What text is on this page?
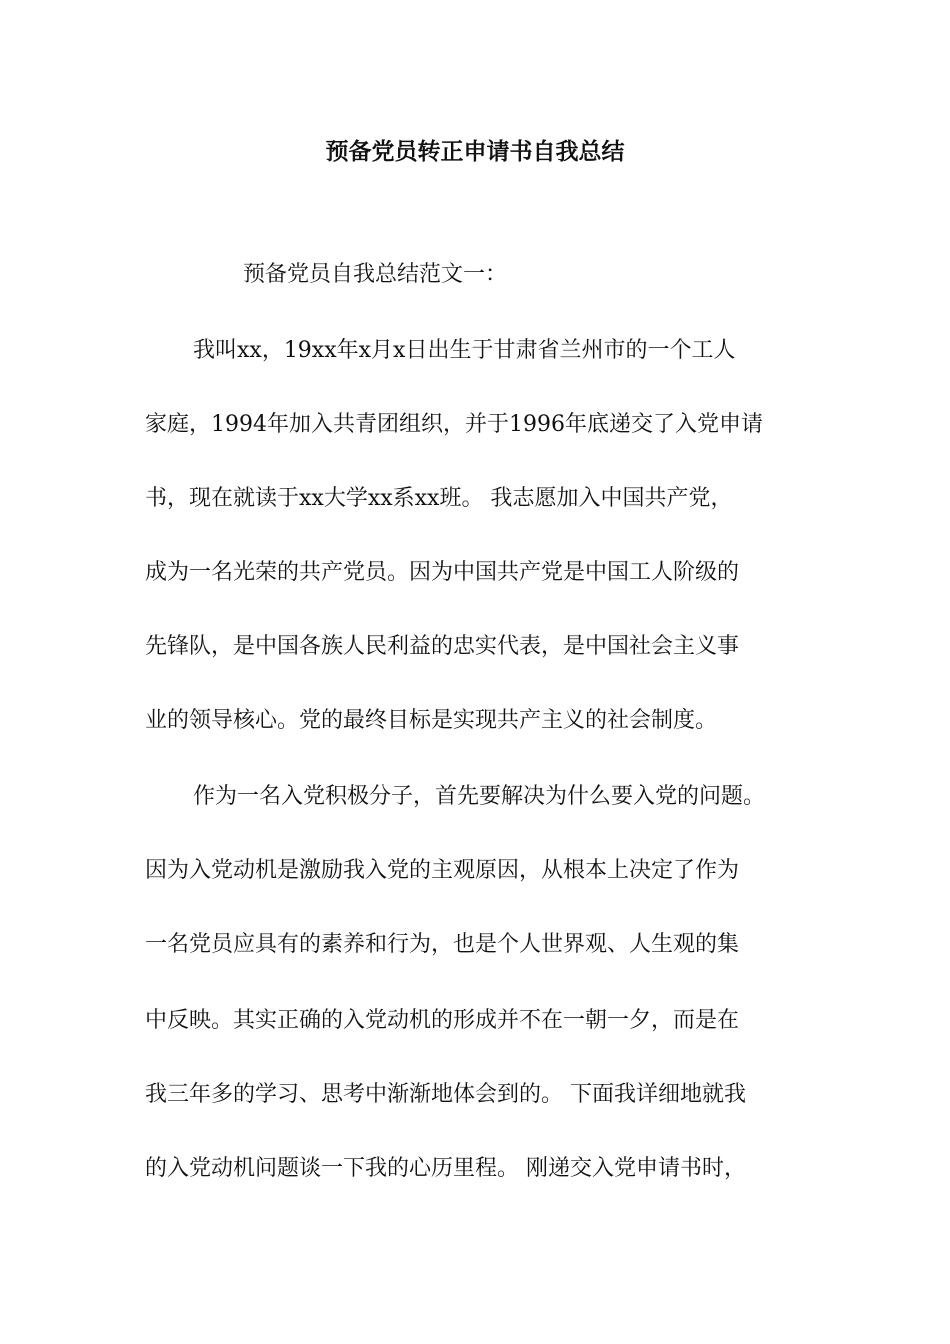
预备党员转正申请书自我总结

预备党员自我总结范文一：

我叫xx，19xx年x月x日出生于甘肃省兰州市的一个工人

家庭，1994年加入共青团组织，并于1996年底递交了入党申请

书，现在就读于xx大学xx系xx班。 我志愿加入中国共产党，

成为一名光荣的共产党员。因为中国共产党是中国工人阶级的

先锋队，是中国各族人民利益的忠实代表，是中国社会主义事

业的领导核心。党的最终目标是实现共产主义的社会制度。

作为一名入党积极分子，首先要解决为什么要入党的问题。

因为入党动机是激励我入党的主观原因，从根本上决定了作为

一名党员应具有的素养和行为，也是个人世界观、人生观的集

中反映。其实正确的入党动机的形成并不在一朝一夕，而是在

我三年多的学习、思考中渐渐地体会到的。 下面我详细地就我

的入党动机问题谈一下我的心历里程。 刚递交入党申请书时，
